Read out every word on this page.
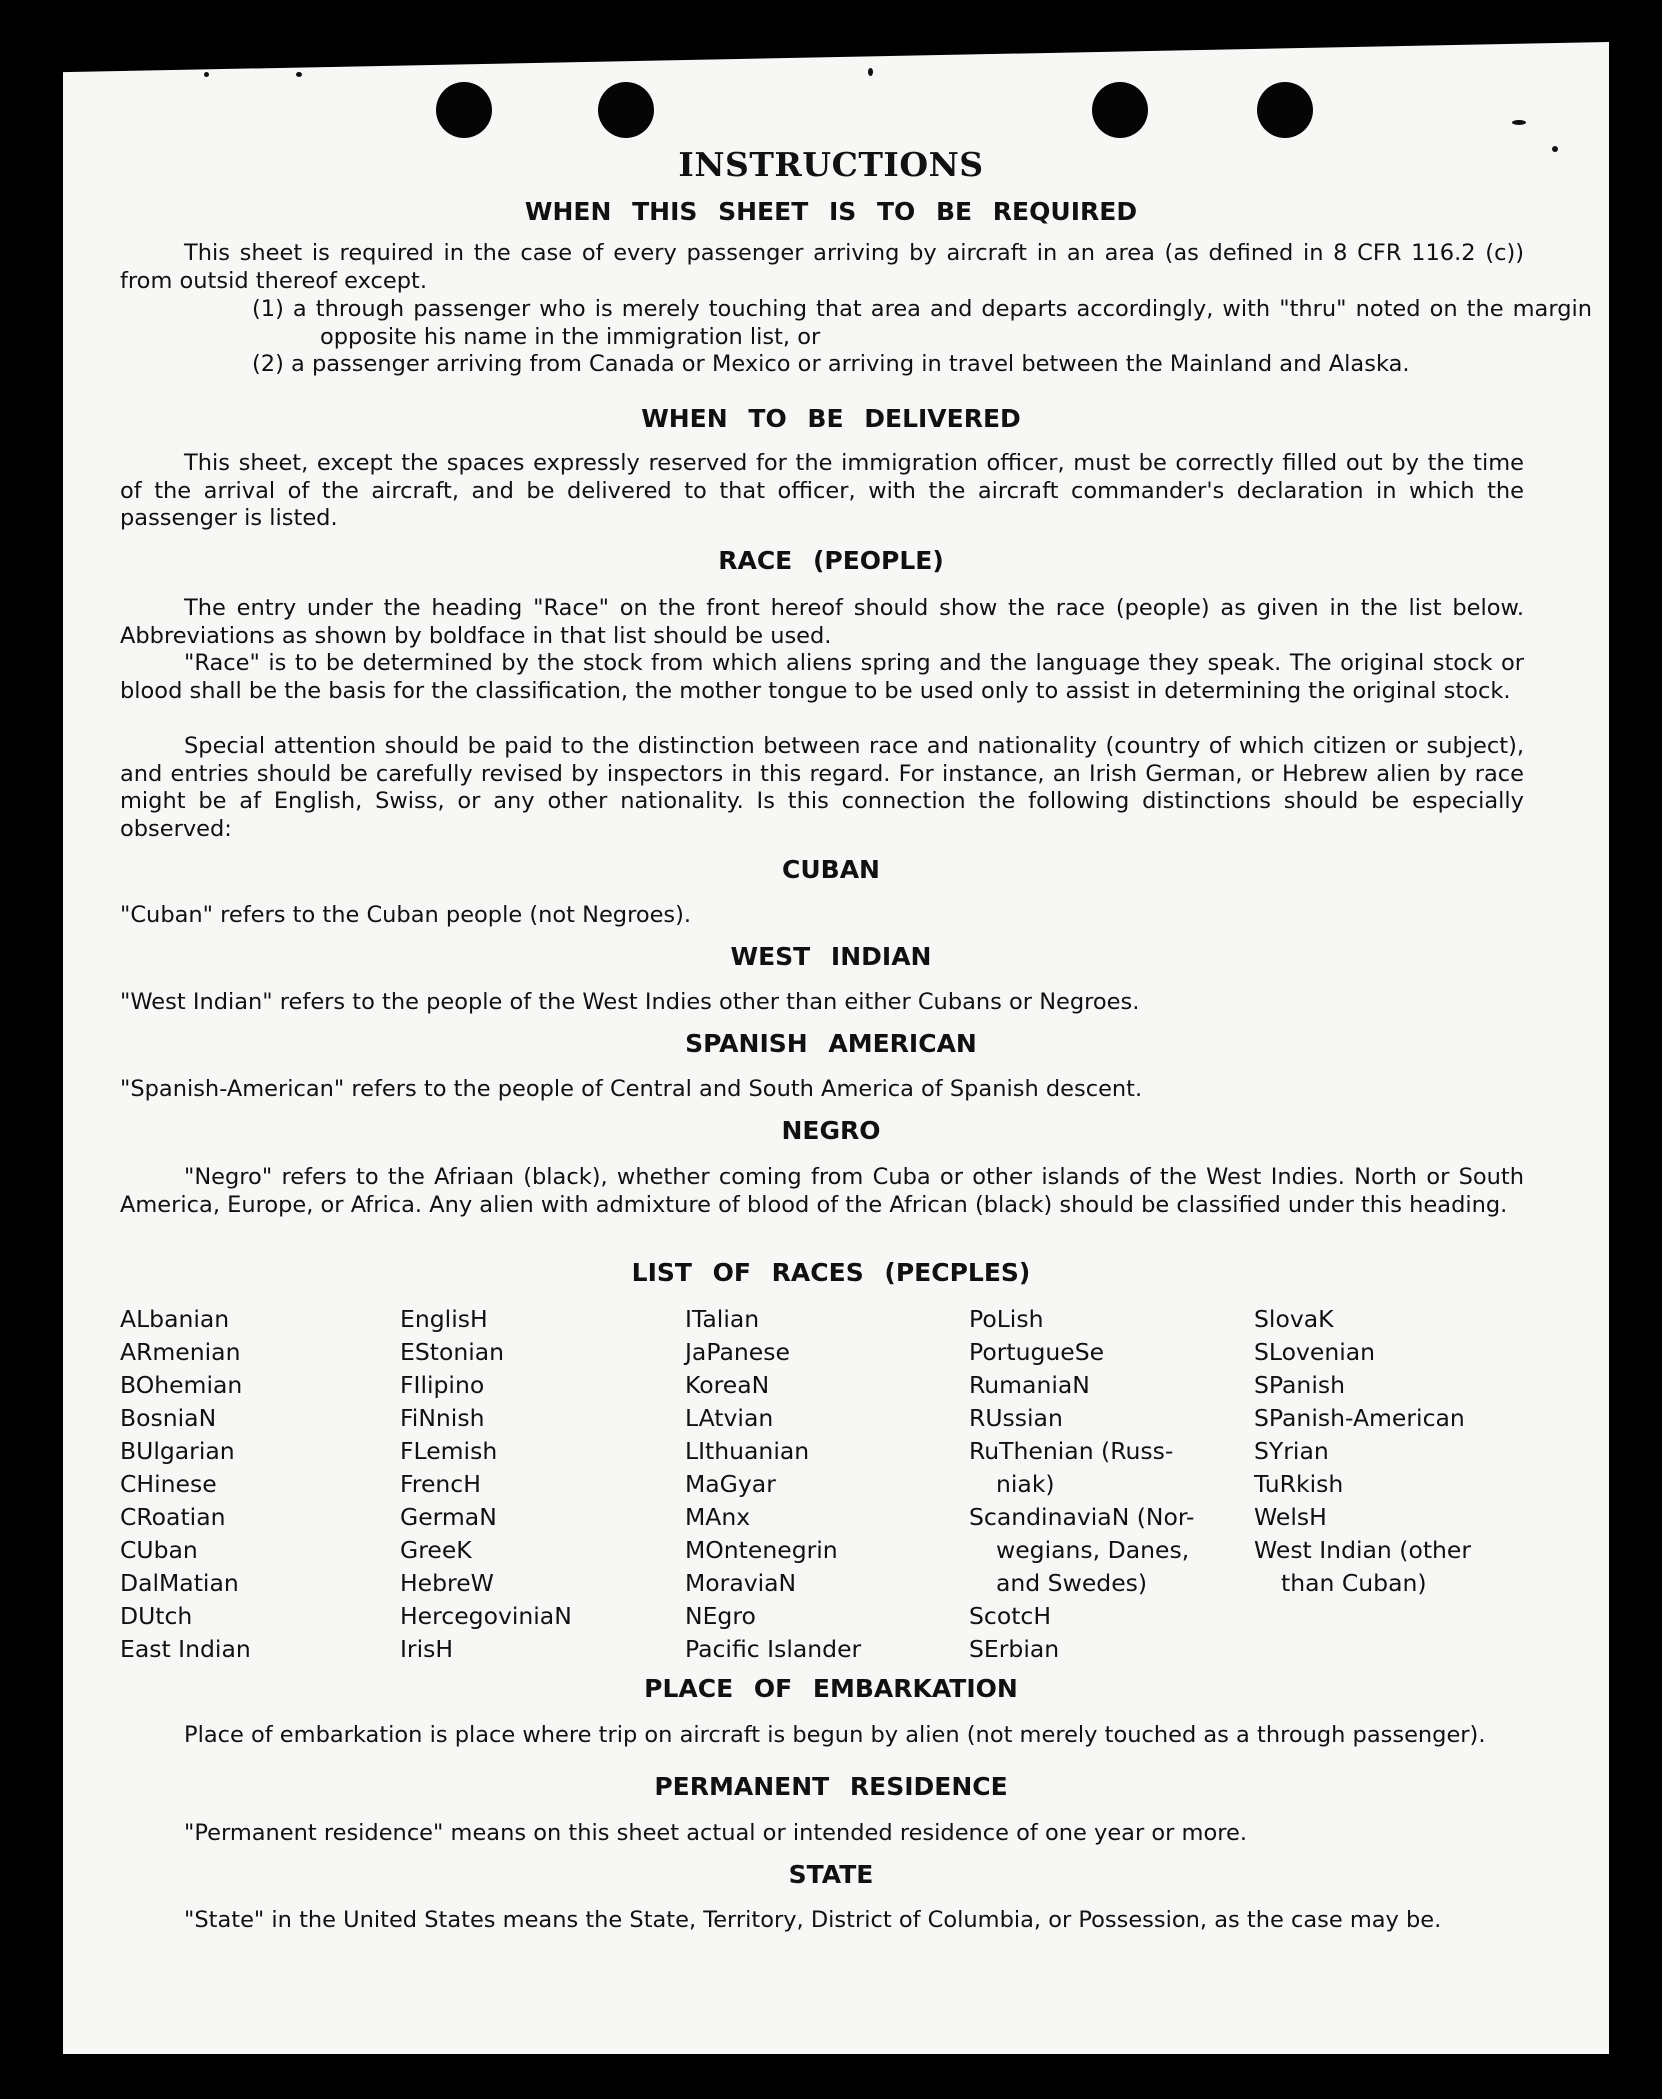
INSTRUCTIONS
WHEN THIS SHEET IS TO BE REQUIRED
This sheet is required in the case of every passenger arriving by aircraft in an area (as defined in 8 CFR 116.2 (c)) from outsid thereof except.
(1) a through passenger who is merely touching that area and departs accordingly, with "thru" noted on the margin opposite his name in the immigration list, or
(2) a passenger arriving from Canada or Mexico or arriving in travel between the Mainland and Alaska.
WHEN TO BE DELIVERED
This sheet, except the spaces expressly reserved for the immigration officer, must be correctly filled out by the time of the arrival of the aircraft, and be delivered to that officer, with the aircraft commander's declaration in which the passenger is listed.
RACE (PEOPLE)
The entry under the heading "Race" on the front hereof should show the race (people) as given in the list below. Abbreviations as shown by boldface in that list should be used.
"Race" is to be determined by the stock from which aliens spring and the language they speak. The original stock or blood shall be the basis for the classification, the mother tongue to be used only to assist in determining the original stock.
Special attention should be paid to the distinction between race and nationality (country of which citizen or subject), and entries should be carefully revised by inspectors in this regard. For instance, an Irish German, or Hebrew alien by race might be af English, Swiss, or any other nationality. Is this connection the following distinctions should be especially observed:
CUBAN
"Cuban" refers to the Cuban people (not Negroes).
WEST INDIAN
"West Indian" refers to the people of the West Indies other than either Cubans or Negroes.
SPANISH AMERICAN
"Spanish-American" refers to the people of Central and South America of Spanish descent.
NEGRO
"Negro" refers to the Afriaan (black), whether coming from Cuba or other islands of the West Indies. North or South America, Europe, or Africa. Any alien with admixture of blood of the African (black) should be classified under this heading.
LIST OF RACES (PECPLES)
ALbanian
ARmenian
BOhemian
BosniaN
BUlgarian
CHinese
CRoatian
CUban
DalMatian
DUtch
East Indian
EnglisH
EStonian
FIlipino
FiNnish
FLemish
FrencH
GermaN
GreeK
HebreW
HercegoviniaN
IrisH
ITalian
JaPanese
KoreaN
LAtvian
LIthuanian
MaGyar
MAnx
MOntenegrin
MoraviaN
NEgro
Pacific Islander
PoLish
PortugueSe
RumaniaN
RUssian
RuThenian (Russ-
niak)
ScandinaviaN (Nor-
wegians, Danes,
and Swedes)
ScotcH
SErbian
SlovaK
SLovenian
SPanish
SPanish-American
SYrian
TuRkish
WelsH
West Indian (other
than Cuban)
PLACE OF EMBARKATION
Place of embarkation is place where trip on aircraft is begun by alien (not merely touched as a through passenger).
PERMANENT RESIDENCE
"Permanent residence" means on this sheet actual or intended residence of one year or more.
STATE
"State" in the United States means the State, Territory, District of Columbia, or Possession, as the case may be.
